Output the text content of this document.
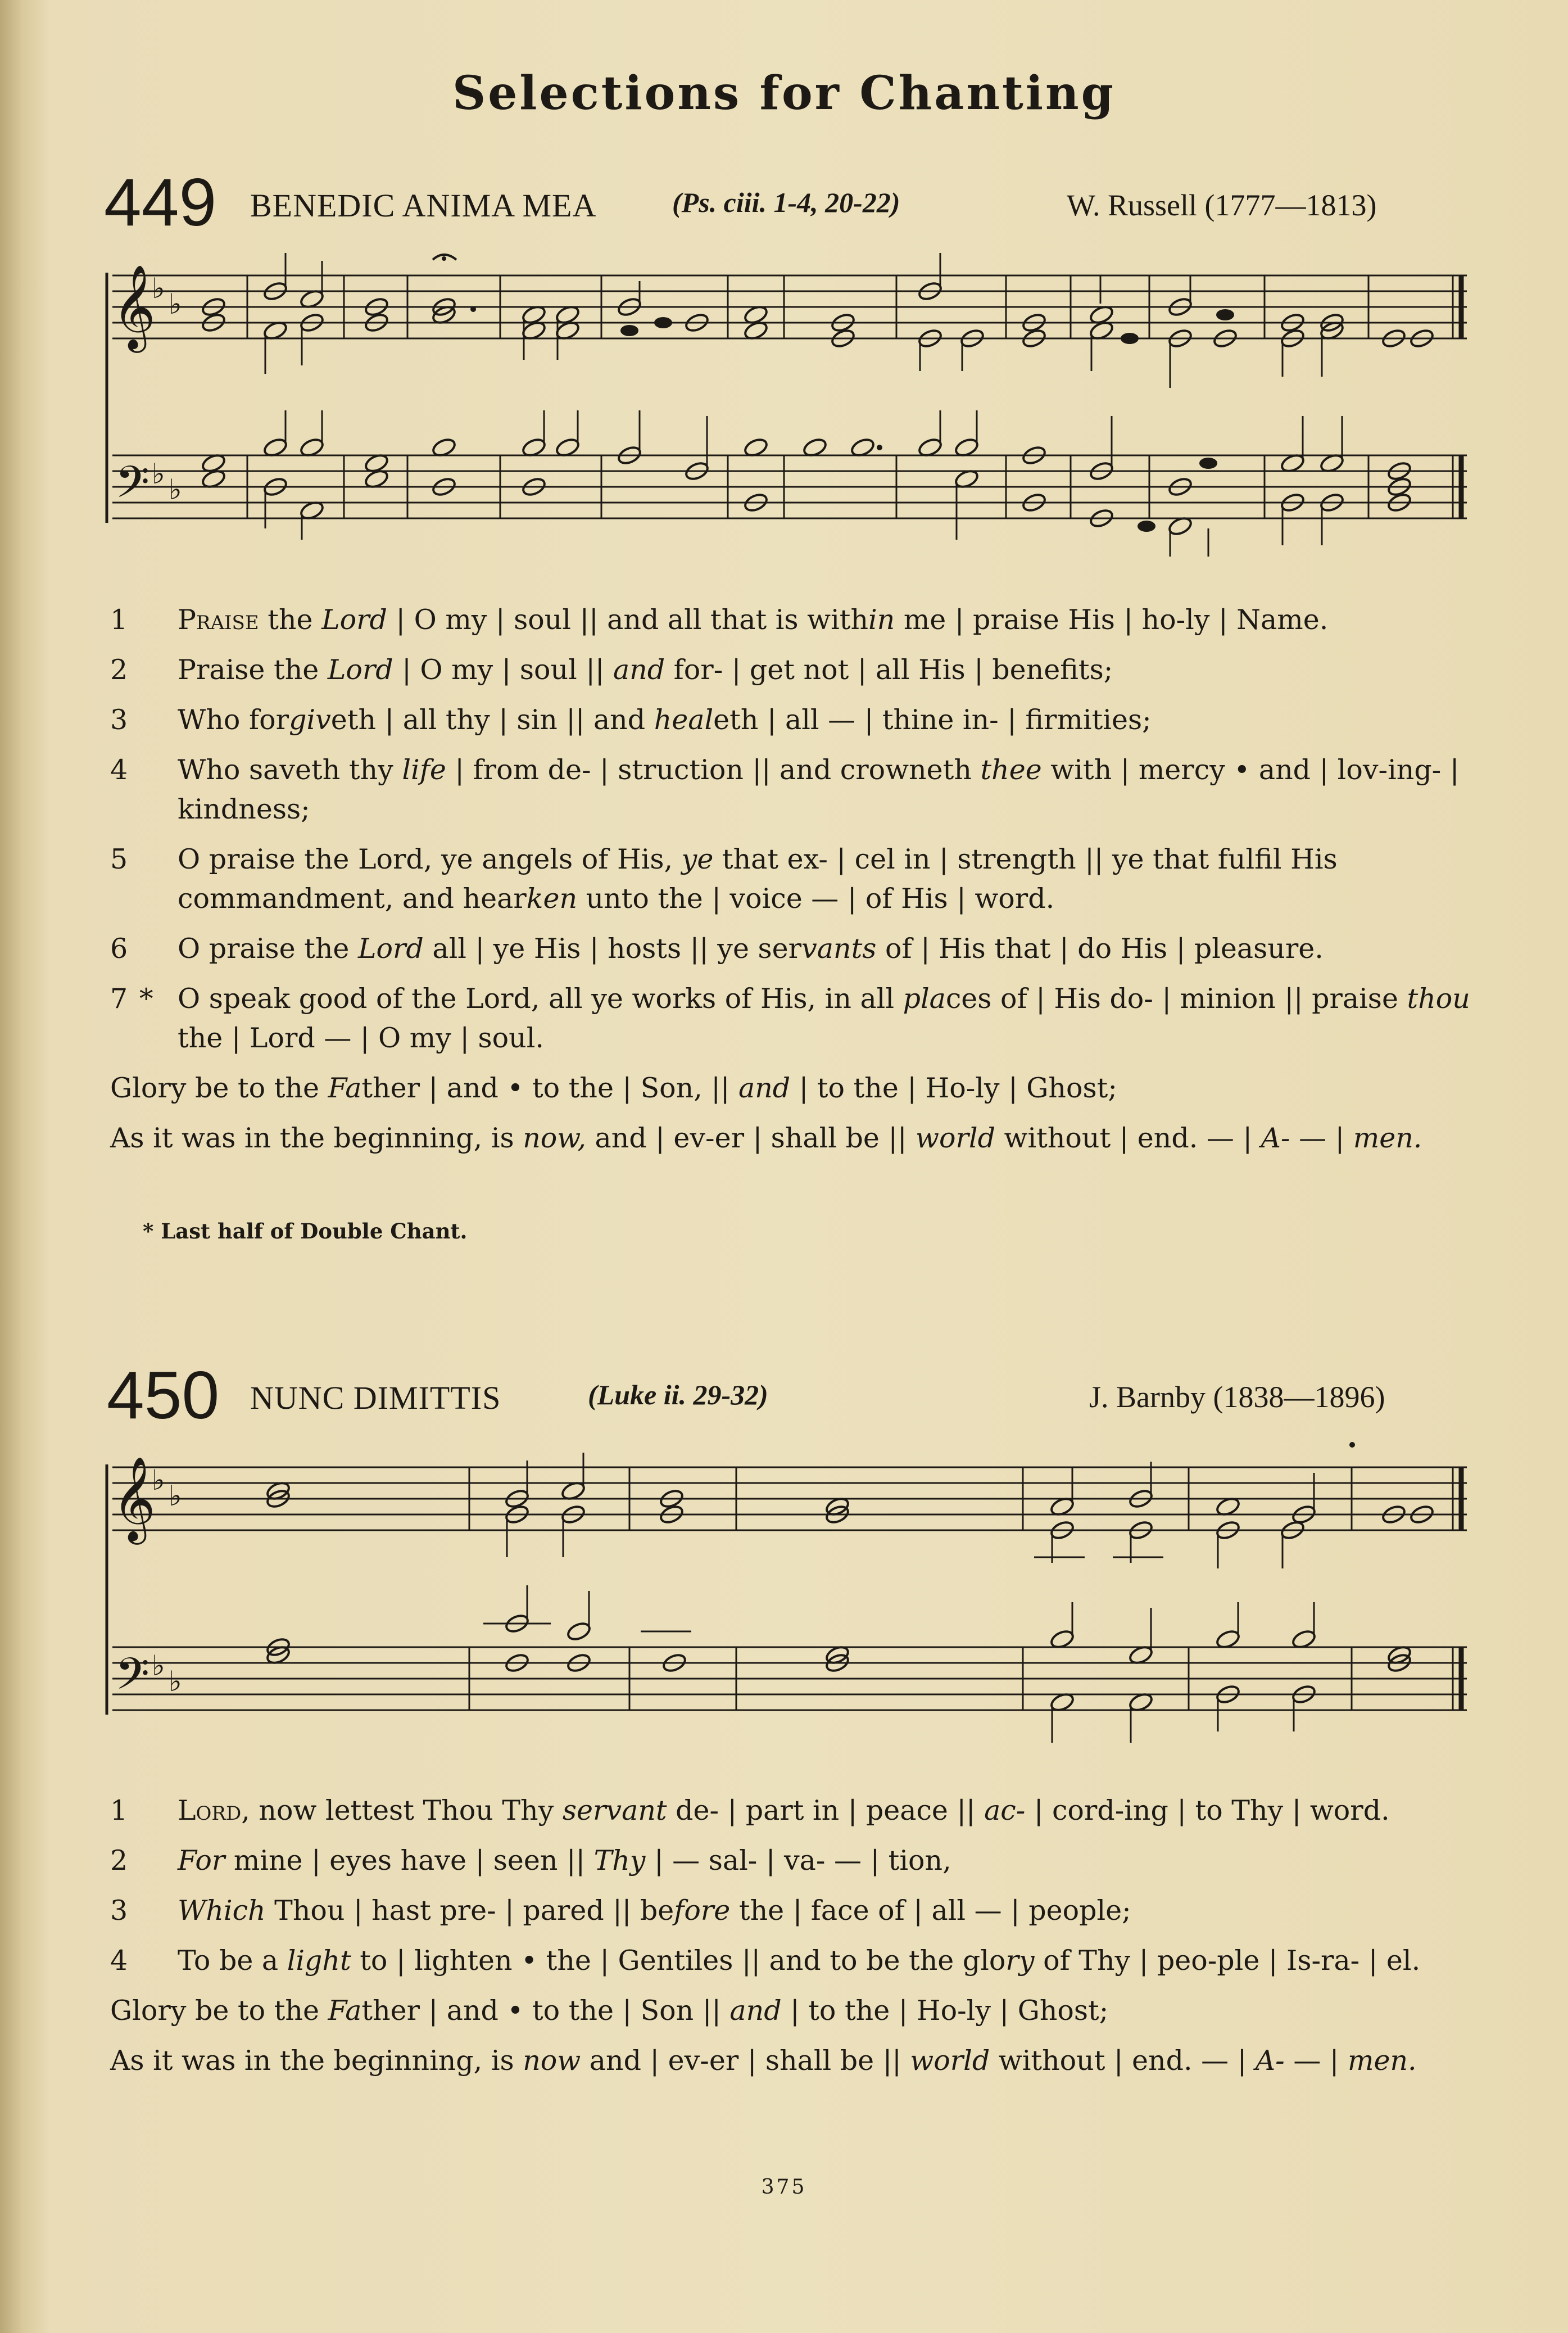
Selections for Chanting
449 BENEDIC ANIMA MEA	(Ps. ciii. 1-4, 20-22)	W. Russell (1777—1813)
𝄞
𝄢
♭ ♭
♭ ♭
1 Praise the Lord | O my | soul || and all that is within me | praise His | ho-ly | Name.
2 Praise the Lord | O my | soul || and for- | get not | all His | benefits;
3 Who forgiveth | all thy | sin || and healeth | all — | thine in- | firmities;
4 Who saveth thy life | from de- | struction || and crowneth thee with | mercy • and | lov-ing- | kindness;
5 O praise the Lord, ye angels of His, ye that ex- | cel in | strength || ye that fulfil His commandment, and hearken unto the | voice — | of His | word.
6 O praise the Lord all | ye His | hosts || ye servants of | His that | do His | pleasure.
7 * O speak good of the Lord, all ye works of His, in all places of | His do- | minion || praise thou the | Lord — | O my | soul.
Glory be to the Father | and • to the | Son, || and | to the | Ho-ly | Ghost;
As it was in the beginning, is now, and | ev-er | shall be || world without | end. — | A- — | men.
* Last half of Double Chant.
450 NUNC DIMITTIS	(Luke ii. 29-32)	J. Barnby (1838—1896)
𝄞
𝄢
♭ ♭
♭ ♭
1 Lord, now lettest Thou Thy servant de- | part in | peace || ac- | cord-ing | to Thy | word.
2 For mine | eyes have | seen || Thy | — sal- | va- — | tion,
3 Which Thou | hast pre- | pared || before the | face of | all — | people;
4 To be a light to | lighten • the | Gentiles || and to be the glory of Thy | peo-ple | Is-ra- | el.
Glory be to the Father | and • to the | Son || and | to the | Ho-ly | Ghost;
As it was in the beginning, is now and | ev-er | shall be || world without | end. — | A- — | men.
375
